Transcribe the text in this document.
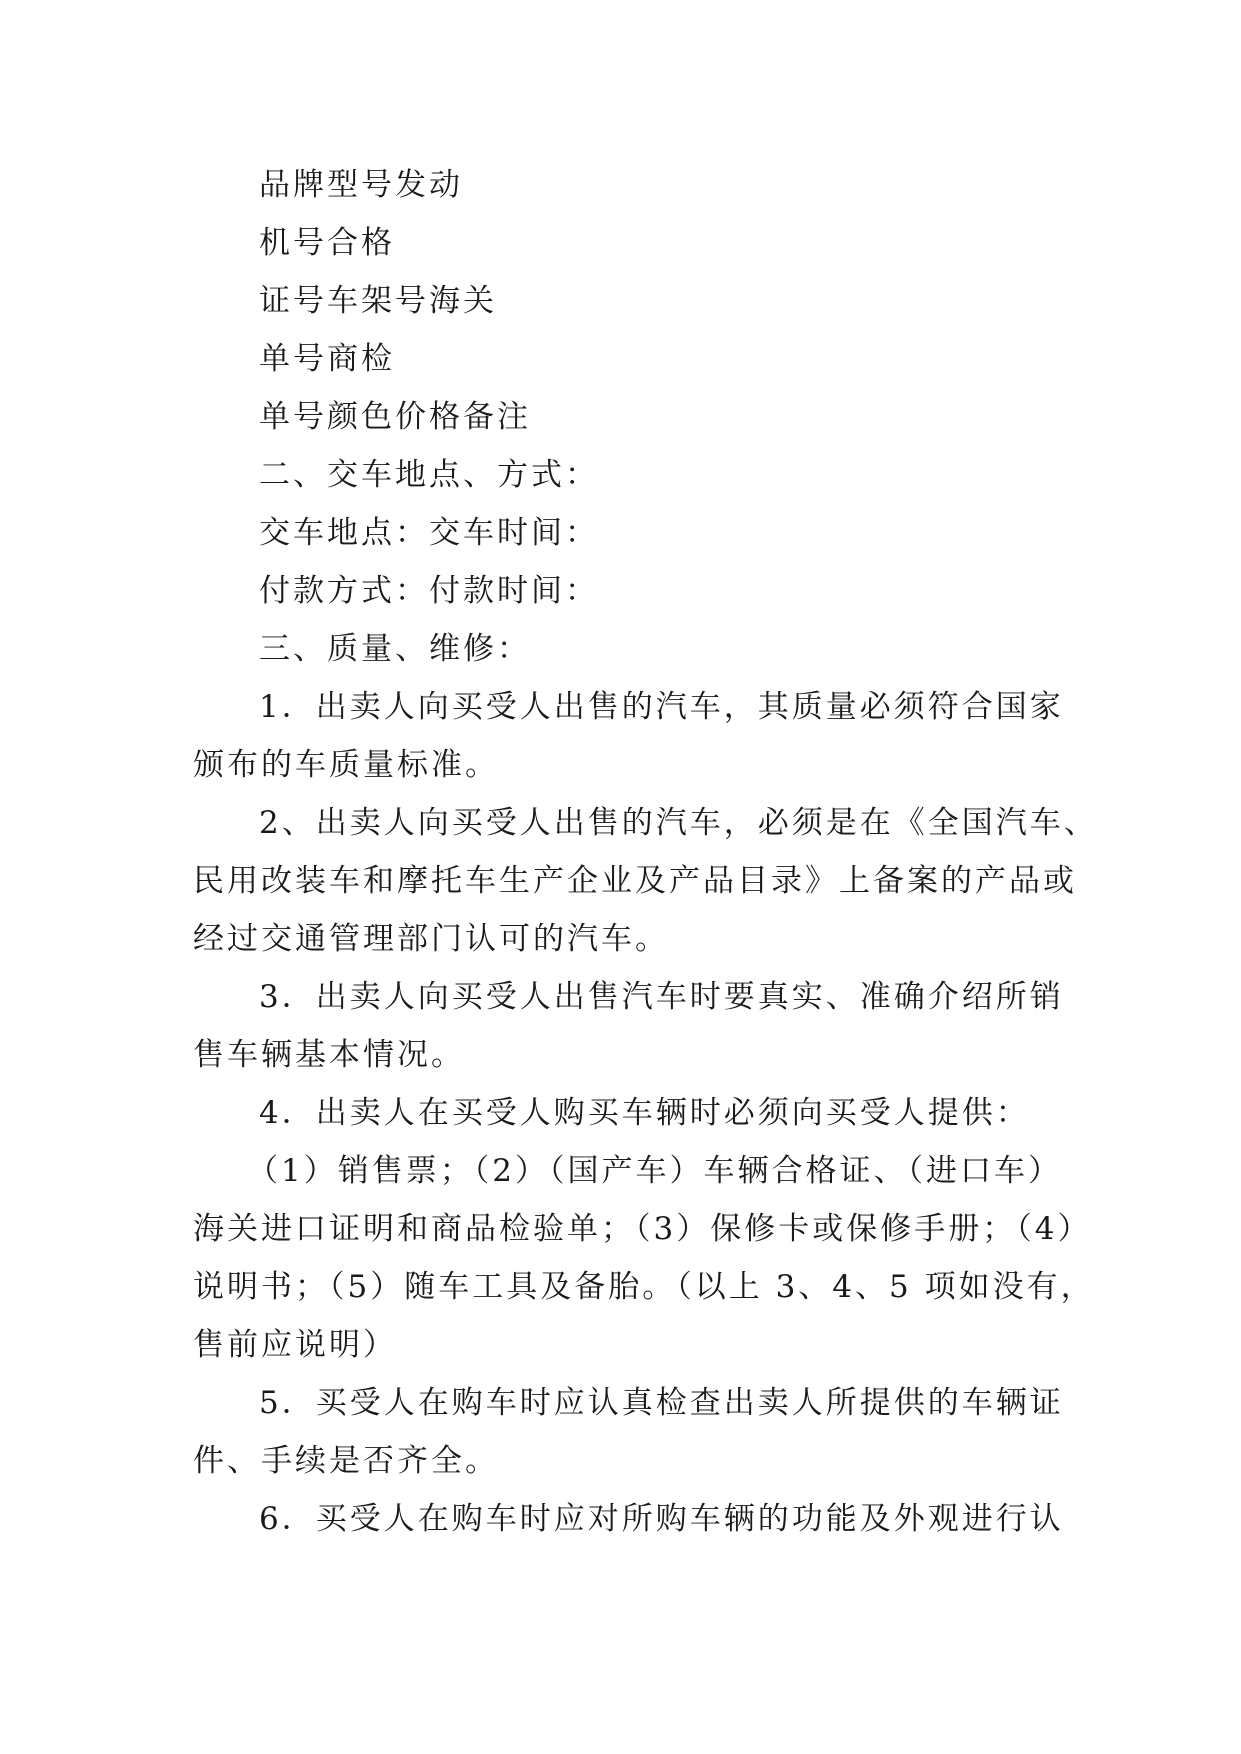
品牌型号发动
机号合格
证号车架号海关
单号商检
单号颜色价格备注
二、交车地点、方式：
交车地点：交车时间：
付款方式：付款时间：
三、质量、维修：
1．出卖人向买受人出售的汽车，其质量必须符合国家
颁布的车质量标准。
2、出卖人向买受人出售的汽车，必须是在《全国汽车、
民用改装车和摩托车生产企业及产品目录》上备案的产品或
经过交通管理部门认可的汽车。
3．出卖人向买受人出售汽车时要真实、准确介绍所销
售车辆基本情况。
4．出卖人在买受人购买车辆时必须向买受人提供：
（1）销售票；（2）（国产车）车辆合格证、（进口车）
海关进口证明和商品检验单；（3）保修卡或保修手册；（4）
说明书；（5）随车工具及备胎。（以上 3、4、5 项如没有，
售前应说明）
5．买受人在购车时应认真检查出卖人所提供的车辆证
件、手续是否齐全。
6．买受人在购车时应对所购车辆的功能及外观进行认
